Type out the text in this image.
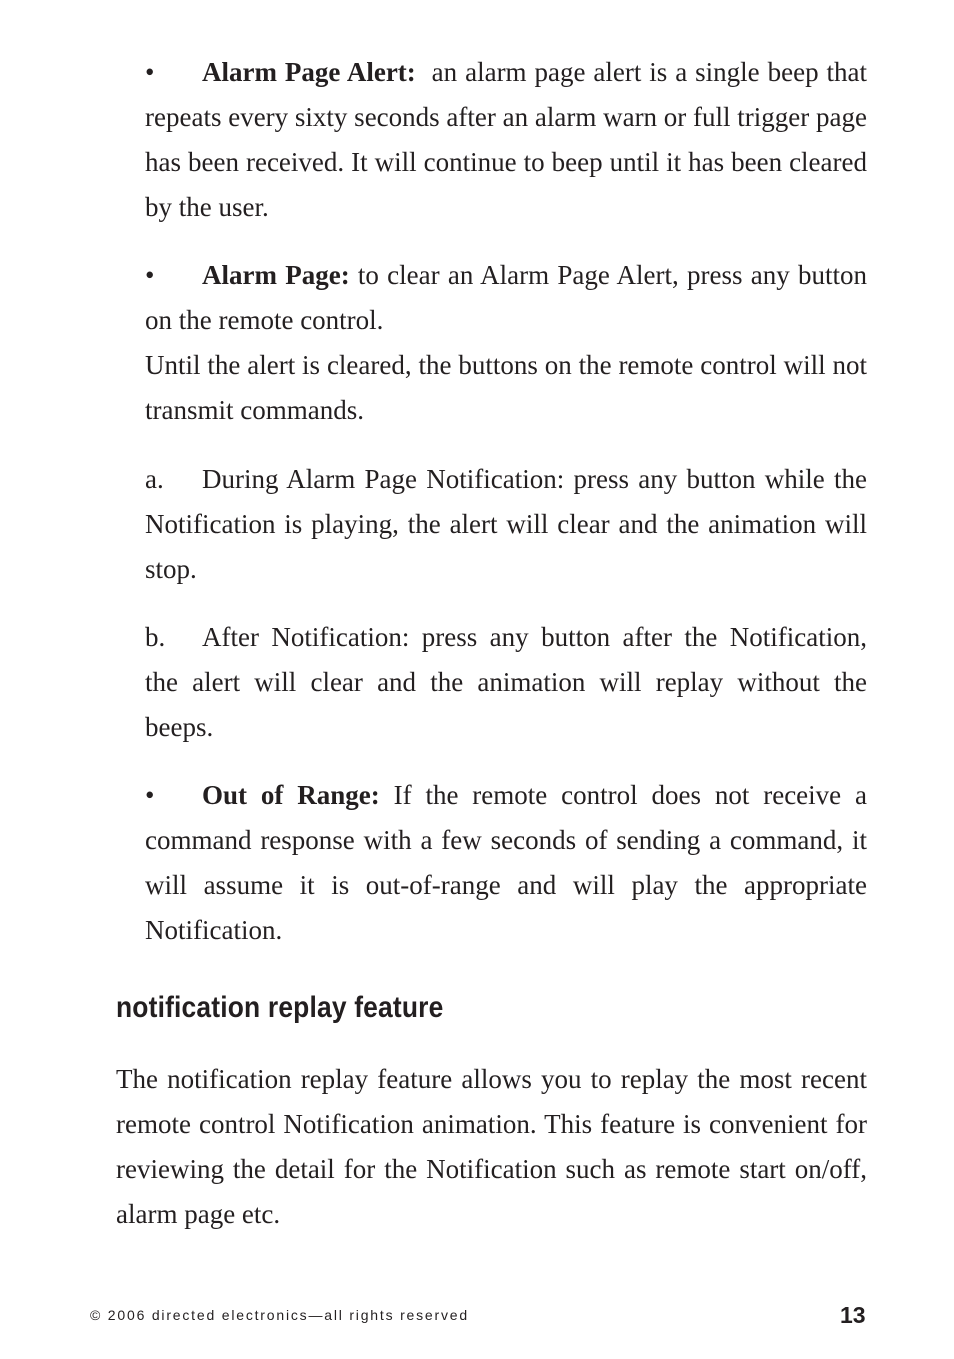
• Alarm Page Alert:  an alarm page alert is a single beep that repeats every sixty seconds after an alarm warn or full trigger page has been received. It will continue to beep until it has been cleared by the user.
• Alarm Page: to clear an Alarm Page Alert, press any button on the remote control.
Until the alert is cleared, the buttons on the remote control will not transmit commands.
a. During Alarm Page Notification: press any button while the Notification is playing, the alert will clear and the animation will stop.
b. After Notification: press any button after the Notification, the alert will clear and the animation will replay without the beeps.
• Out of Range: If the remote control does not receive a command response with a few seconds of sending a command, it will assume it is out-of-range and will play the appropriate Notification.
notification replay feature
The notification replay feature allows you to replay the most recent remote control Notification animation. This feature is convenient for reviewing the detail for the Notification such as remote start on/off, alarm page etc.
© 2006 directed electronics—all rights reserved	13
